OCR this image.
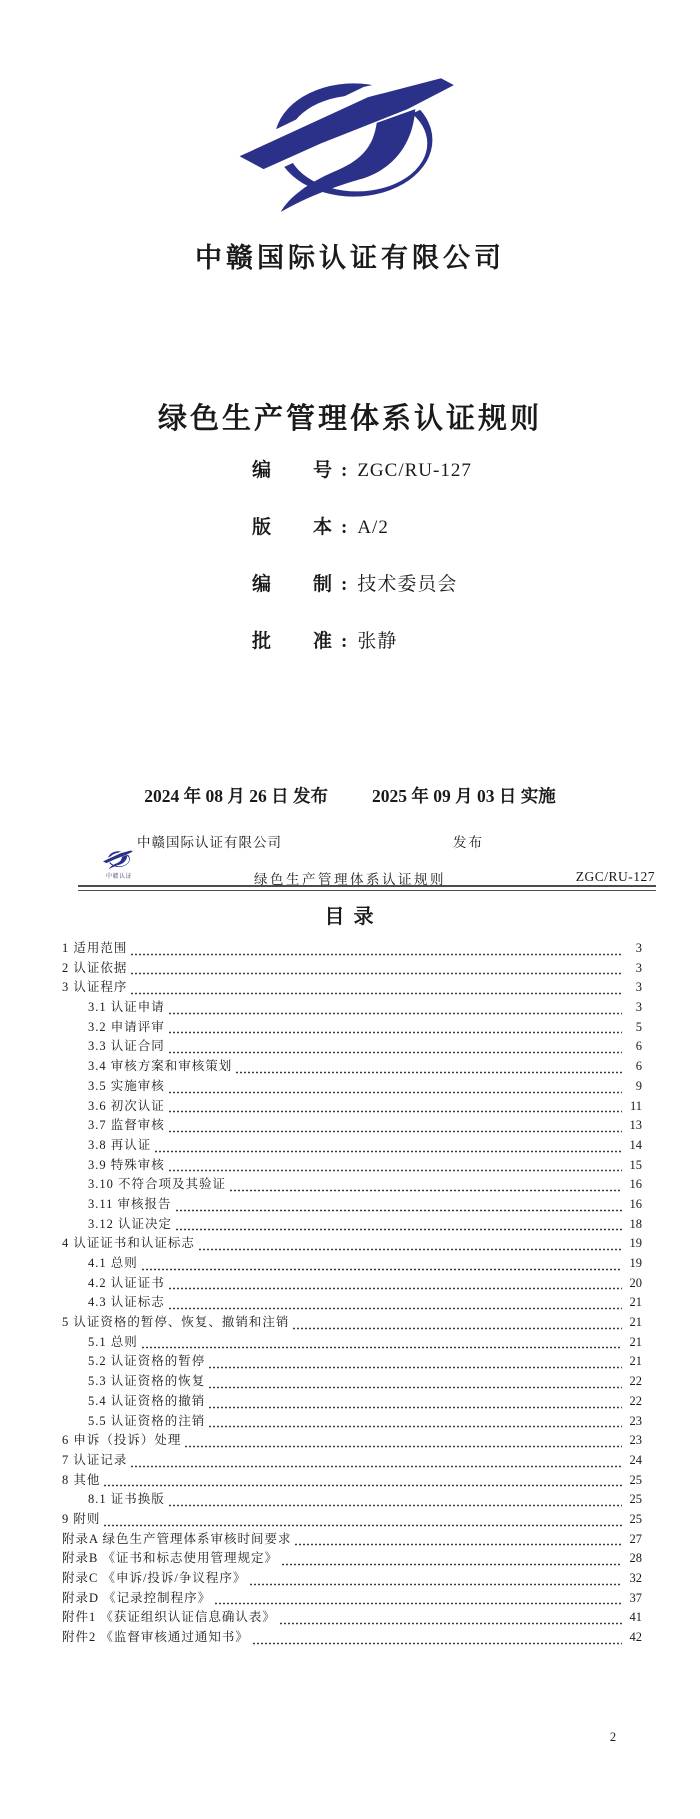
中赣国际认证有限公司
绿色生产管理体系认证规则
编号 : ZGC/RU-127
版本 : A/2
编制 : 技术委员会
批准 : 张静
2024 年 08 月 26 日 发布	2025 年 09 月 03 日 实施
中赣国际认证有限公司	发布
中赣认证	绿色生产管理体系认证规则	ZGC/RU-127
目 录
1 适用范围	3
2 认证依据	3
3 认证程序	3
3.1 认证申请	3
3.2 申请评审	5
3.3 认证合同	6
3.4 审核方案和审核策划	6
3.5 实施审核	9
3.6 初次认证	11
3.7 监督审核	13
3.8 再认证	14
3.9 特殊审核	15
3.10 不符合项及其验证	16
3.11 审核报告	16
3.12 认证决定	18
4 认证证书和认证标志	19
4.1 总则	19
4.2 认证证书	20
4.3 认证标志	21
5 认证资格的暂停、恢复、撤销和注销	21
5.1 总则	21
5.2 认证资格的暂停	21
5.3 认证资格的恢复	22
5.4 认证资格的撤销	22
5.5 认证资格的注销	23
6 申诉（投诉）处理	23
7 认证记录	24
8 其他	25
8.1 证书换版	25
9 附则	25
附录A 绿色生产管理体系审核时间要求	27
附录B 《证书和标志使用管理规定》	28
附录C 《申诉/投诉/争议程序》	32
附录D 《记录控制程序》	37
附件1 《获证组织认证信息确认表》	41
附件2 《监督审核通过通知书》	42
2
